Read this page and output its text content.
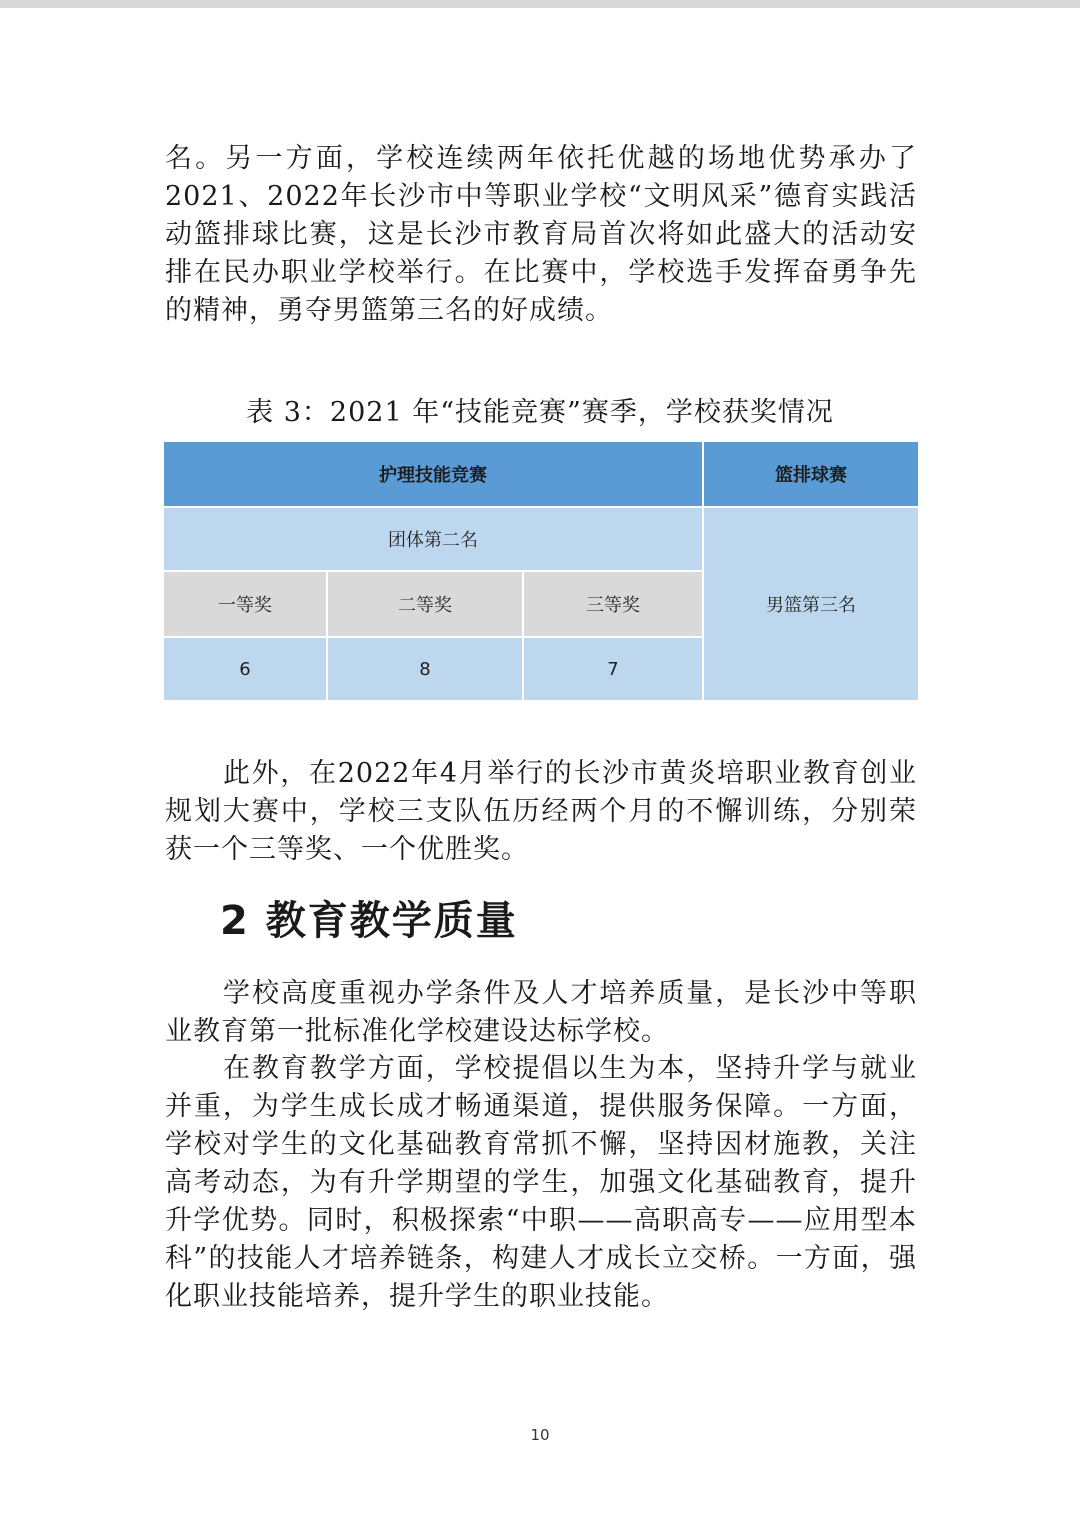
名。另一方面，学校连续两年依托优越的场地优势承办了2021、2022年长沙市中等职业学校“文明风采”德育实践活动篮排球比赛，这是长沙市教育局首次将如此盛大的活动安排在民办职业学校举行。在比赛中，学校选手发挥奋勇争先的精神，勇夺男篮第三名的好成绩。

表 3：2021 年“技能竞赛”赛季，学校获奖情况
护理技能竞赛			篮排球赛
团体第二名			男篮第三名
一等奖	二等奖	三等奖	
6	8	7	

此外，在2022年4月举行的长沙市黄炎培职业教育创业规划大赛中，学校三支队伍历经两个月的不懈训练，分别荣获一个三等奖、一个优胜奖。

2 教育教学质量

学校高度重视办学条件及人才培养质量，是长沙中等职业教育第一批标准化学校建设达标学校。

在教育教学方面，学校提倡以生为本，坚持升学与就业并重，为学生成长成才畅通渠道，提供服务保障。一方面，学校对学生的文化基础教育常抓不懈，坚持因材施教，关注高考动态，为有升学期望的学生，加强文化基础教育，提升升学优势。同时，积极探索“中职——高职高专——应用型本科”的技能人才培养链条，构建人才成长立交桥。一方面，强化职业技能培养，提升学生的职业技能。

10
